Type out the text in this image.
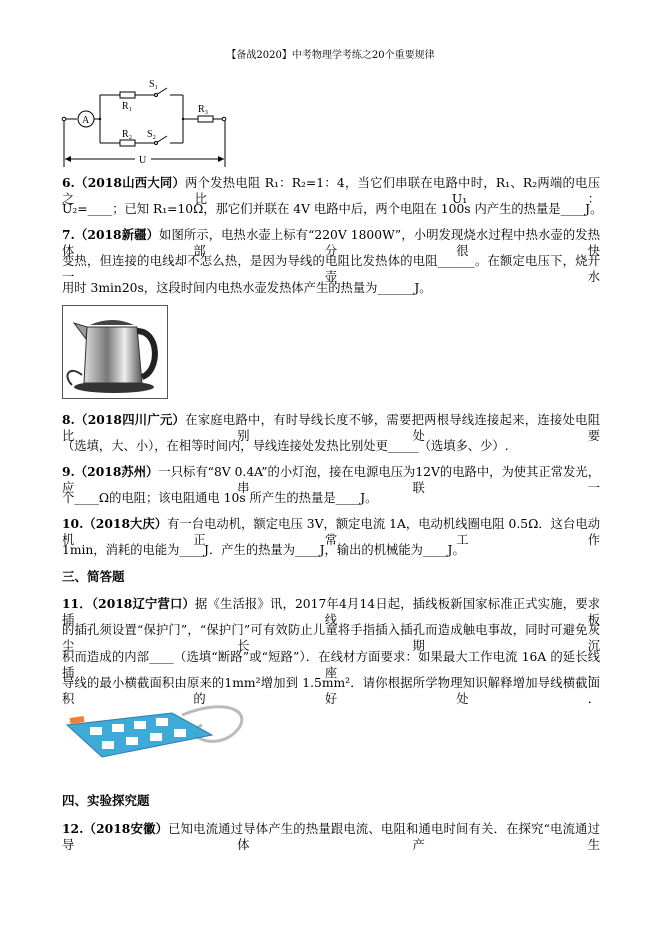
【备战2020】中考物理学考练之20个重要规律
A
R₁
R₂
R₃
S₁
S₂
U
6.（2018山西大同）两个发热电阻 R₁：R₂=1：4，当它们串联在电路中时，R₁、R₂两端的电压之比 U₁：
U₂=____；已知 R₁=10Ω，那它们并联在 4V 电路中后，两个电阻在 100s 内产生的热量是____J。
7.（2018新疆）如图所示，电热水壶上标有“220V 1800W”，小明发现烧水过程中热水壶的发热体部分很快
变热，但连接的电线却不怎么热，是因为导线的电阻比发热体的电阻______。在额定电压下，烧开一壶水
用时 3min20s，这段时间内电热水壶发热体产生的热量为______J。
8.（2018四川广元）在家庭电路中，有时导线长度不够，需要把两根导线连接起来，连接处电阻比别处要
（选填，大、小），在相等时间内，导线连接处发热比别处更_____（选填多、少）.
9.（2018苏州）一只标有“8V 0.4A”的小灯泡，接在电源电压为12V的电路中，为使其正常发光，应串联一
个____Ω的电阻；该电阻通电 10s 所产生的热量是____J。
10.（2018大庆）有一台电动机，额定电压 3V，额定电流 1A，电动机线圈电阻 0.5Ω．这台电动机正常工作
1min，消耗的电能为____J．产生的热量为____J，输出的机械能为____J。
三、简答题
11．（2018辽宁营口）据《生活报》讯，2017年4月14日起，插线板新国家标准正式实施，要求插线板
的插孔须设置“保护门”，“保护门”可有效防止儿童将手指插入插孔而造成触电事故，同时可避免灰尘长期沉
积而造成的内部____（选填“断路”或“短路”）．在线材方面要求：如果最大工作电流 16A 的延长线插座，
导线的最小横截面积由原来的1mm²增加到 1.5mm²．请你根据所学物理知识解释增加导线横截面积的好处．
四、实验探究题
12.（2018安徽）已知电流通过导体产生的热量跟电流、电阻和通电时间有关．在探究“电流通过导体产生
